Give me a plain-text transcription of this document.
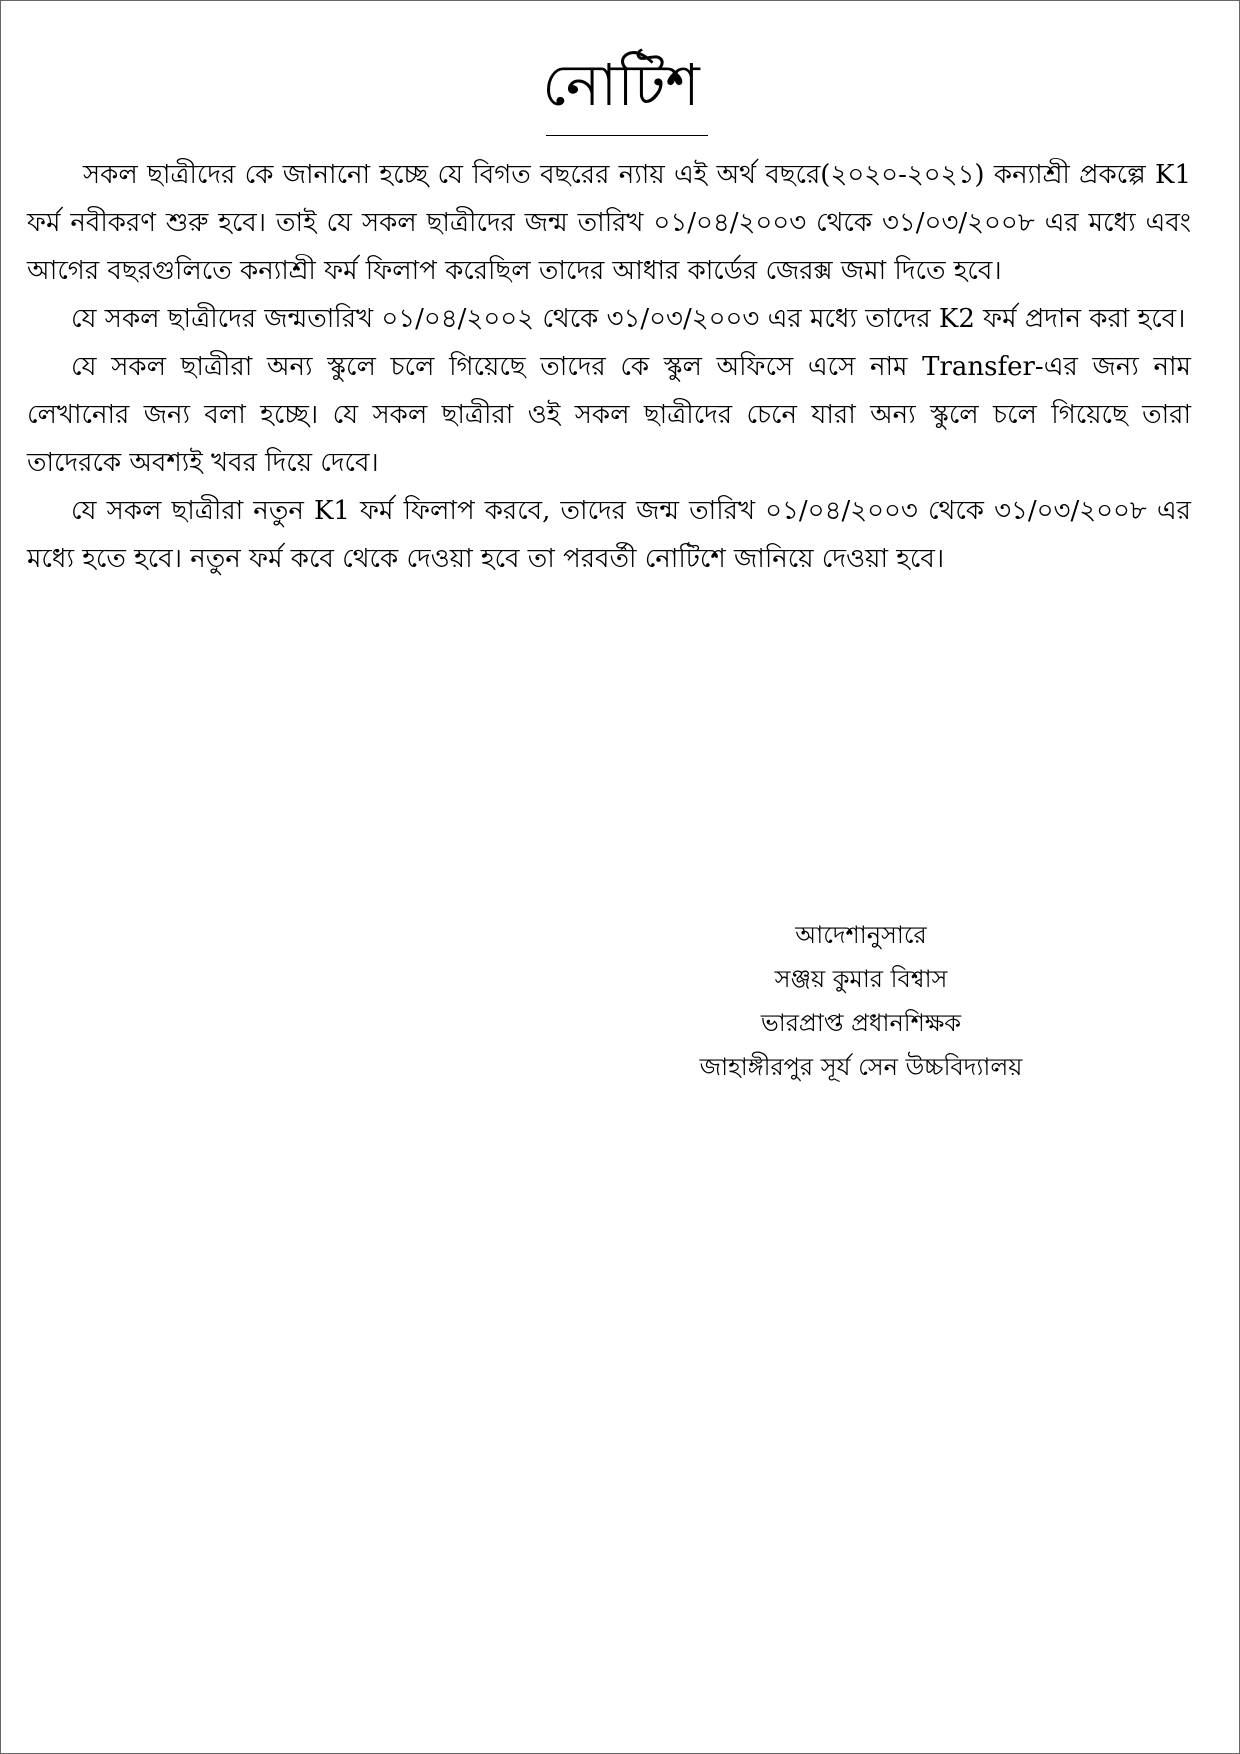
নোটিশ

সকল ছাত্রীদের কে জানানো হচ্ছে যে বিগত বছরের ন্যায় এই অর্থ বছরে(২০২০-২০২১) কন্যাশ্রী প্রকল্পে K1 ফর্ম নবীকরণ শুরু হবে। তাই যে সকল ছাত্রীদের জন্ম তারিখ ০১/০৪/২০০৩ থেকে ৩১/০৩/২০০৮ এর মধ্যে এবং আগের বছরগুলিতে কন্যাশ্রী ফর্ম ফিলাপ করেছিল তাদের আধার কার্ডের জেরক্স জমা দিতে হবে।

যে সকল ছাত্রীদের জন্মতারিখ ০১/০৪/২০০২ থেকে ৩১/০৩/২০০৩ এর মধ্যে তাদের K2 ফর্ম প্রদান করা হবে।

যে সকল ছাত্রীরা অন্য স্কুলে চলে গিয়েছে তাদের কে স্কুল অফিসে এসে নাম Transfer-এর জন্য নাম লেখানোর জন্য বলা হচ্ছে। যে সকল ছাত্রীরা ওই সকল ছাত্রীদের চেনে যারা অন্য স্কুলে চলে গিয়েছে তারা তাদেরকে অবশ্যই খবর দিয়ে দেবে।

যে সকল ছাত্রীরা নতুন K1 ফর্ম ফিলাপ করবে, তাদের জন্ম তারিখ ০১/০৪/২০০৩ থেকে ৩১/০৩/২০০৮ এর মধ্যে হতে হবে। নতুন ফর্ম কবে থেকে দেওয়া হবে তা পরবর্তী নোটিশে জানিয়ে দেওয়া হবে।

আদেশানুসারে
সঞ্জয় কুমার বিশ্বাস
ভারপ্রাপ্ত প্রধানশিক্ষক
জাহাঙ্গীরপুর সূর্য সেন উচ্চবিদ্যালয়
